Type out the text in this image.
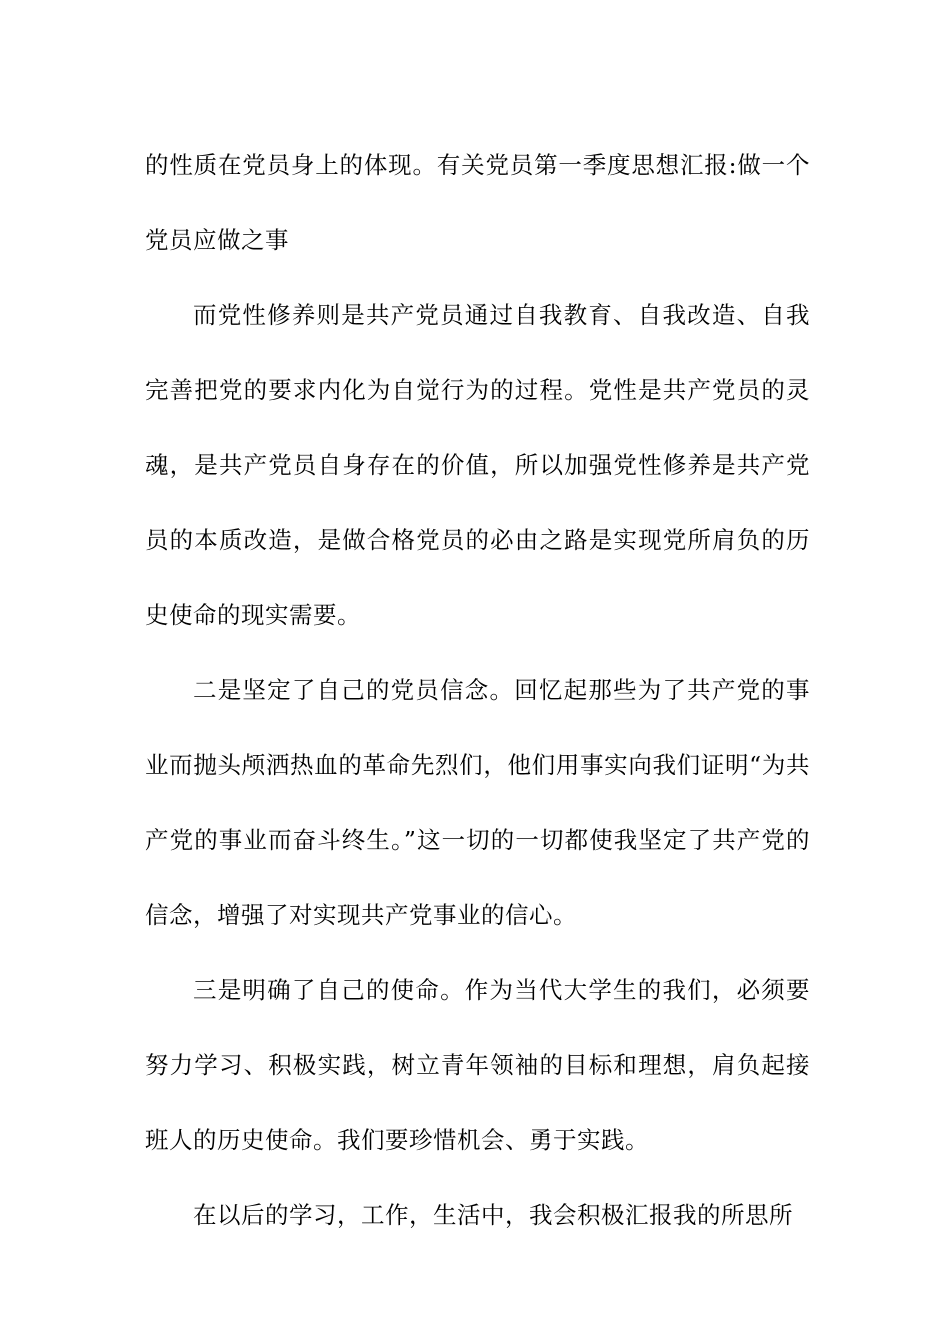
的性质在党员身上的体现。有关党员第一季度思想汇报:做一个党员应做之事

而党性修养则是共产党员通过自我教育、自我改造、自我完善把党的要求内化为自觉行为的过程。党性是共产党员的灵魂，是共产党员自身存在的价值，所以加强党性修养是共产党员的本质改造，是做合格党员的必由之路是实现党所肩负的历史使命的现实需要。

二是坚定了自己的党员信念。回忆起那些为了共产党的事业而抛头颅洒热血的革命先烈们，他们用事实向我们证明“为共产党的事业而奋斗终生。”这一切的一切都使我坚定了共产党的信念，增强了对实现共产党事业的信心。

三是明确了自己的使命。作为当代大学生的我们，必须要努力学习、积极实践，树立青年领袖的目标和理想，肩负起接班人的历史使命。我们要珍惜机会、勇于实践。

在以后的学习，工作，生活中，我会积极汇报我的所思所
